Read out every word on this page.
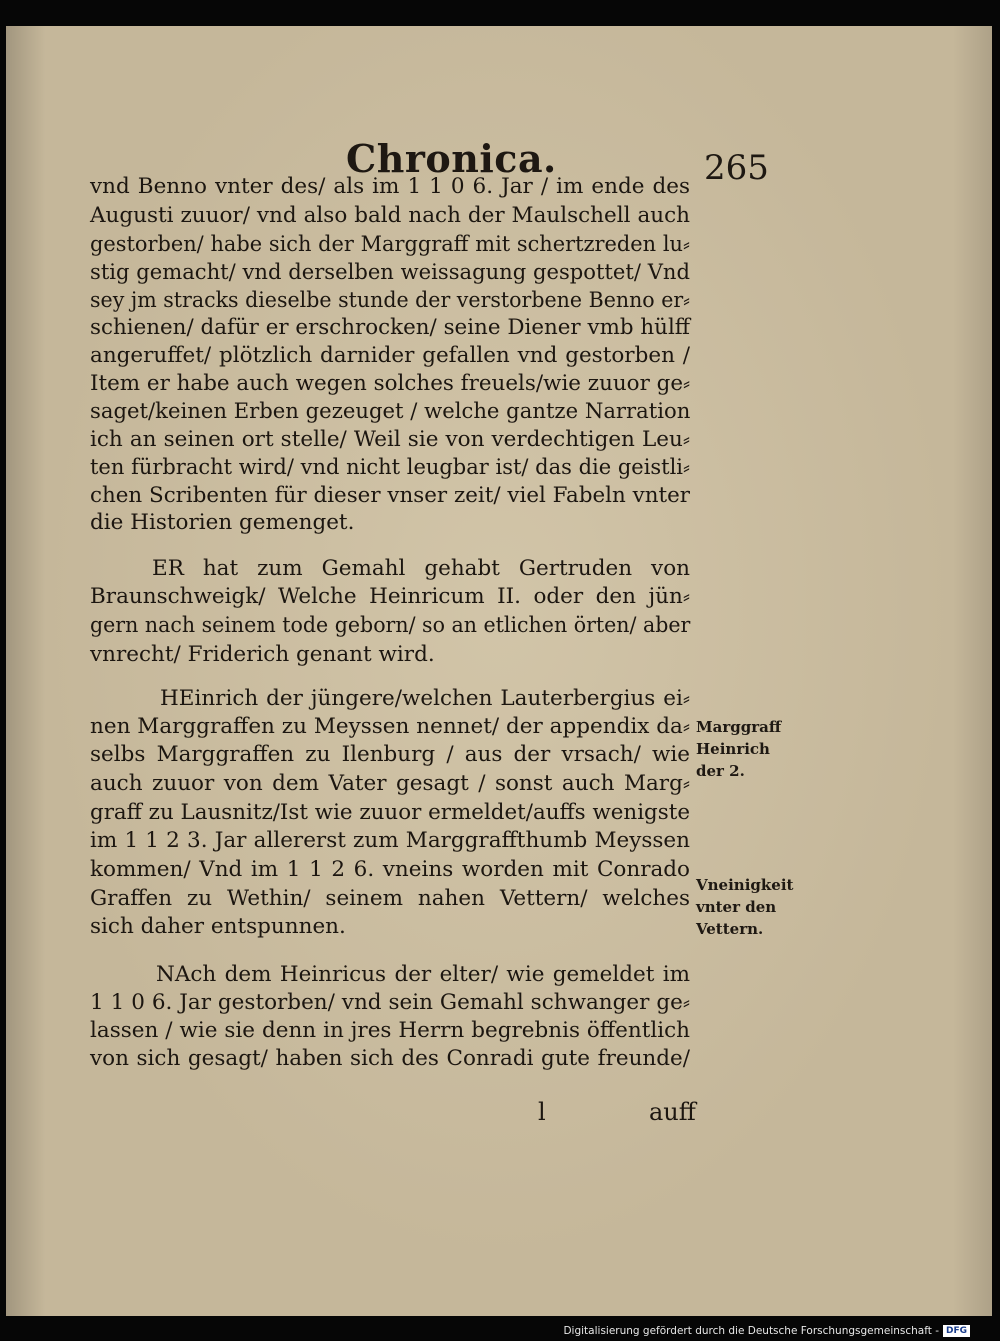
Chronica.	265
vnd Benno vnter des/ als im 1 1 0 6. Jar / im ende des
Augusti zuuor/ vnd also bald nach der Maulschell auch
gestorben/ habe sich der Marggraff mit schertzreden lu⸗
stig gemacht/ vnd derselben weissagung gespottet/ Vnd
sey jm stracks dieselbe stunde der verstorbene Benno er⸗
schienen/ dafür er erschrocken/ seine Diener vmb hülff
angeruffet/ plötzlich darnider gefallen vnd gestorben /
Item er habe auch wegen solches freuels/wie zuuor ge⸗
saget/keinen Erben gezeuget / welche gantze Narration
ich an seinen ort stelle/ Weil sie von verdechtigen Leu⸗
ten fürbracht wird/ vnd nicht leugbar ist/ das die geistli⸗
chen Scribenten für dieser vnser zeit/ viel Fabeln vnter
die Historien gemenget.
ER hat zum Gemahl gehabt Gertruden von
Braunschweigk/ Welche Heinricum II. oder den jün⸗
gern nach seinem tode geborn/ so an etlichen örten/ aber
vnrecht/ Friderich genant wird.
HEinrich der jüngere/welchen Lauterbergius ei⸗
nen Marggraffen zu Meyssen nennet/ der appendix da⸗
selbs Marggraffen zu Ilenburg / aus der vrsach/ wie
auch zuuor von dem Vater gesagt / sonst auch Marg⸗
graff zu Lausnitz/Ist wie zuuor ermeldet/auffs wenigste
im 1 1 2 3. Jar allererst zum Marggraffthumb Meyssen
kommen/ Vnd im 1 1 2 6. vneins worden mit Conrado
Graffen zu Wethin/ seinem nahen Vettern/ welches
sich daher entspunnen.
NAch dem Heinricus der elter/ wie gemeldet im
1 1 0 6. Jar gestorben/ vnd sein Gemahl schwanger ge⸗
lassen / wie sie denn in jres Herrn begrebnis öffentlich
von sich gesagt/ haben sich des Conradi gute freunde/
Marggraff
Heinrich
der 2.
Vneinigkeit
vnter den
Vettern.
l	auff
Digitalisierung gefördert durch die Deutsche Forschungsgemeinschaft - DFG
